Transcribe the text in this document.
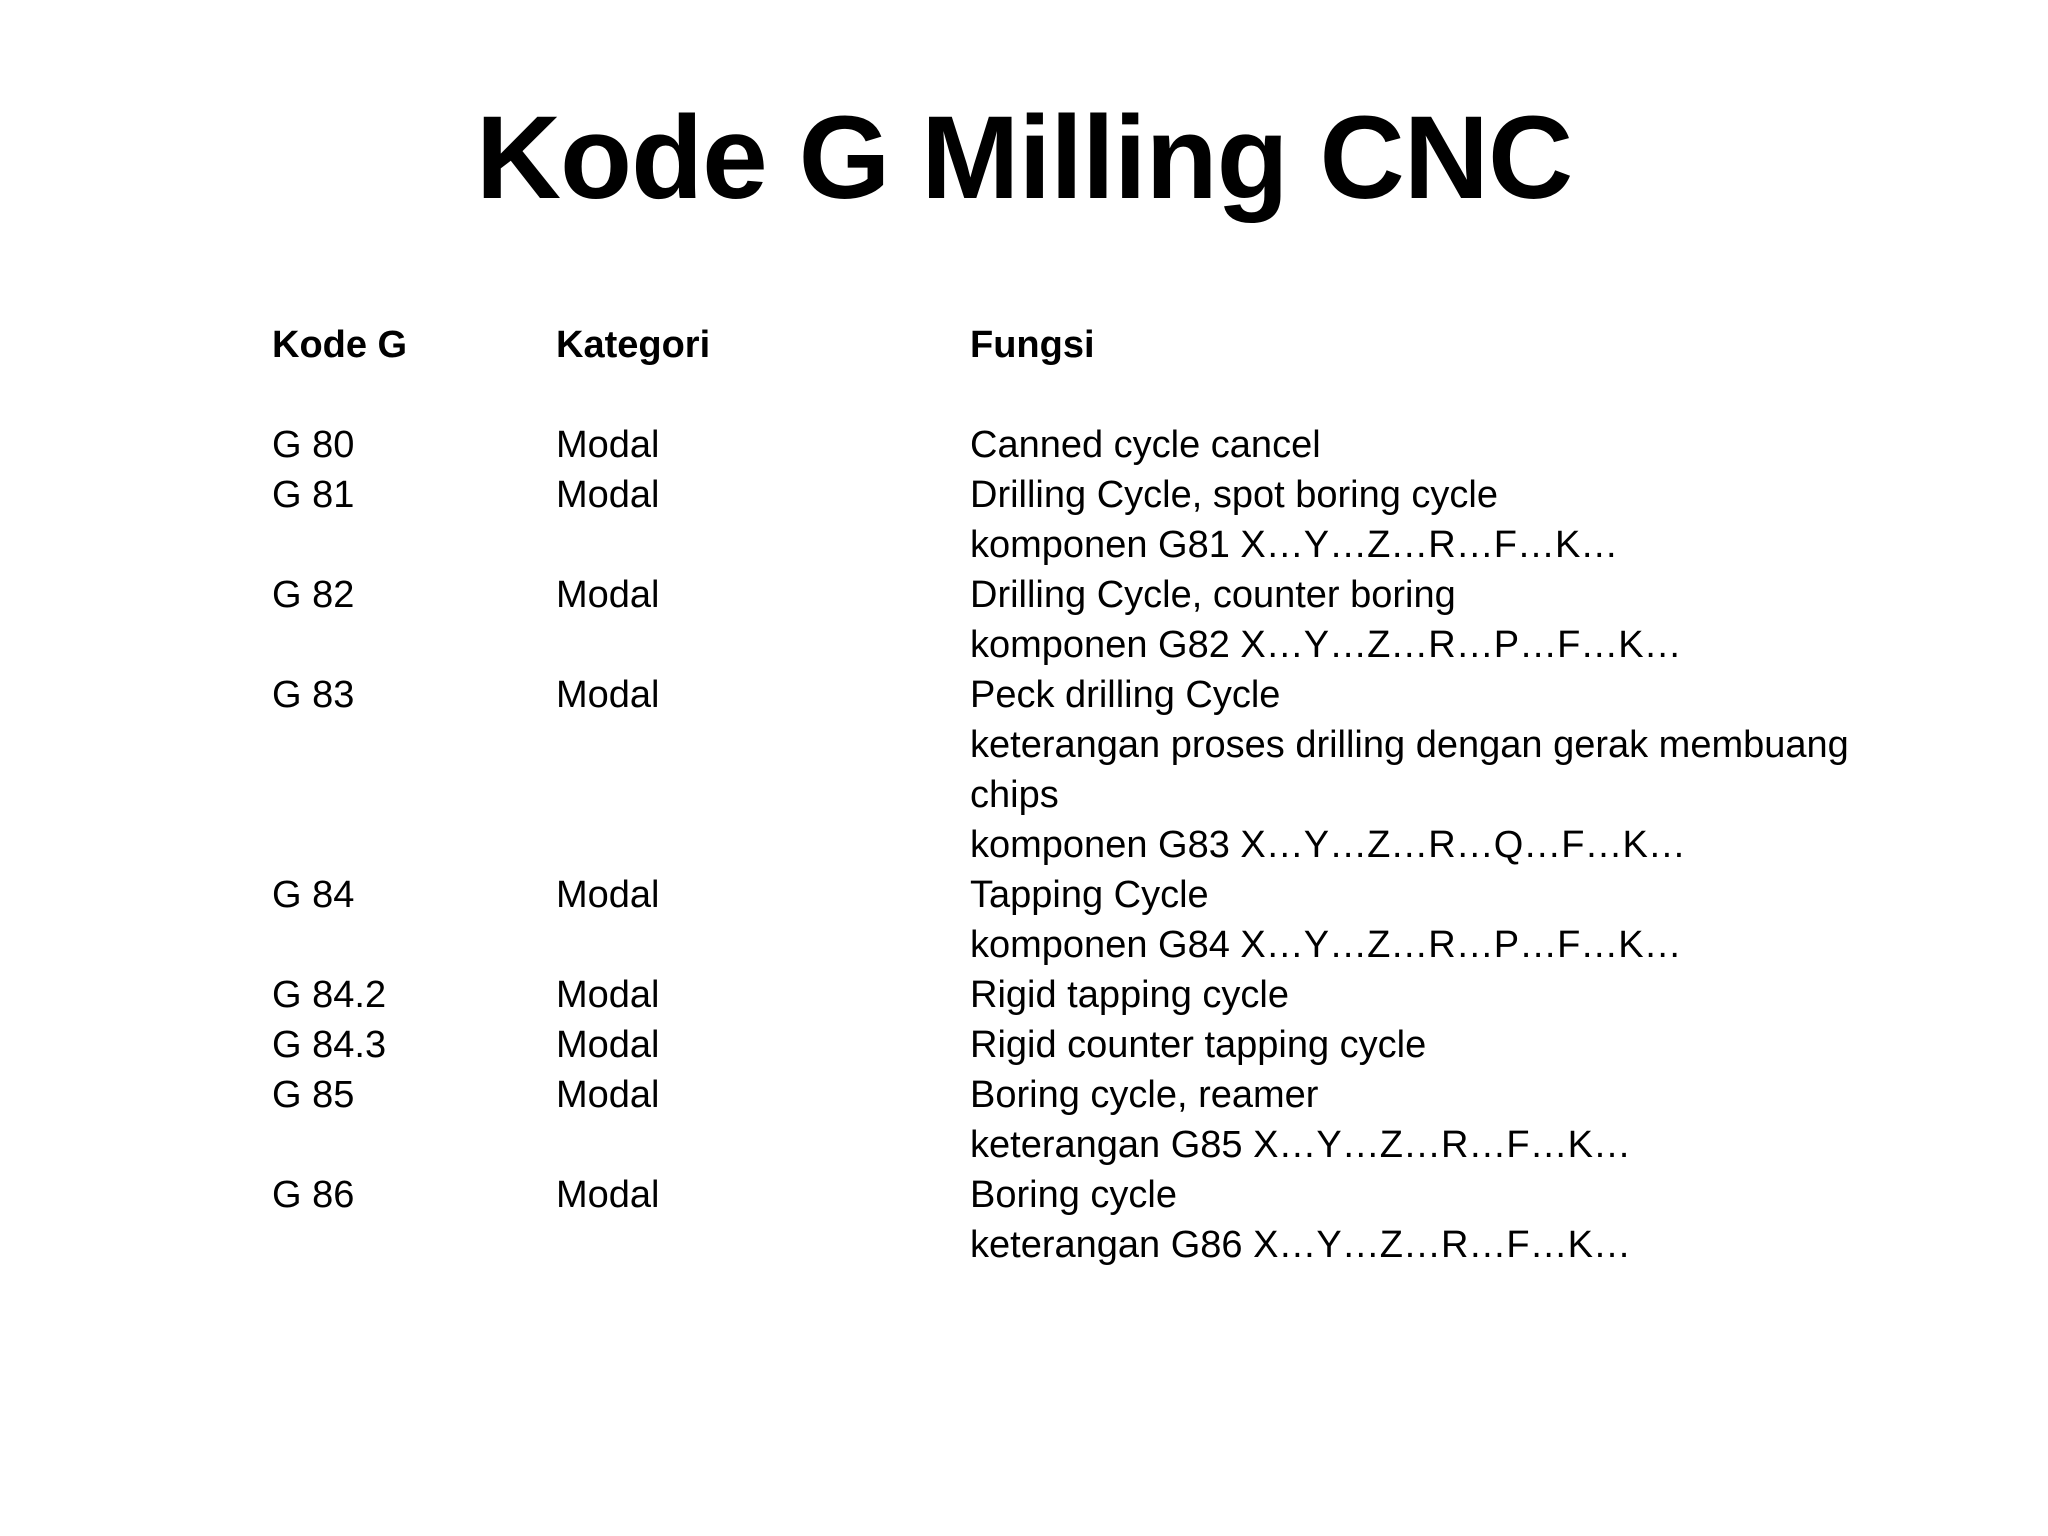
Kode G Milling CNC
Kode G	Kategori	Fungsi
G 80	Modal	Canned cycle cancel
G 81	Modal	Drilling Cycle, spot boring cycle
komponen G81 X…Y…Z…R…F…K…
G 82	Modal	Drilling Cycle, counter boring
komponen G82 X…Y…Z…R…P…F…K…
G 83	Modal	Peck drilling Cycle
keterangan proses drilling dengan gerak membuang
chips
komponen G83 X…Y…Z…R…Q…F…K…
G 84	Modal	Tapping Cycle
komponen G84 X…Y…Z…R…P…F…K…
G 84.2	Modal	Rigid tapping cycle
G 84.3	Modal	Rigid counter tapping cycle
G 85	Modal	Boring cycle, reamer
keterangan G85 X…Y…Z…R…F…K…
G 86	Modal	Boring cycle
keterangan G86 X…Y…Z…R…F…K…
